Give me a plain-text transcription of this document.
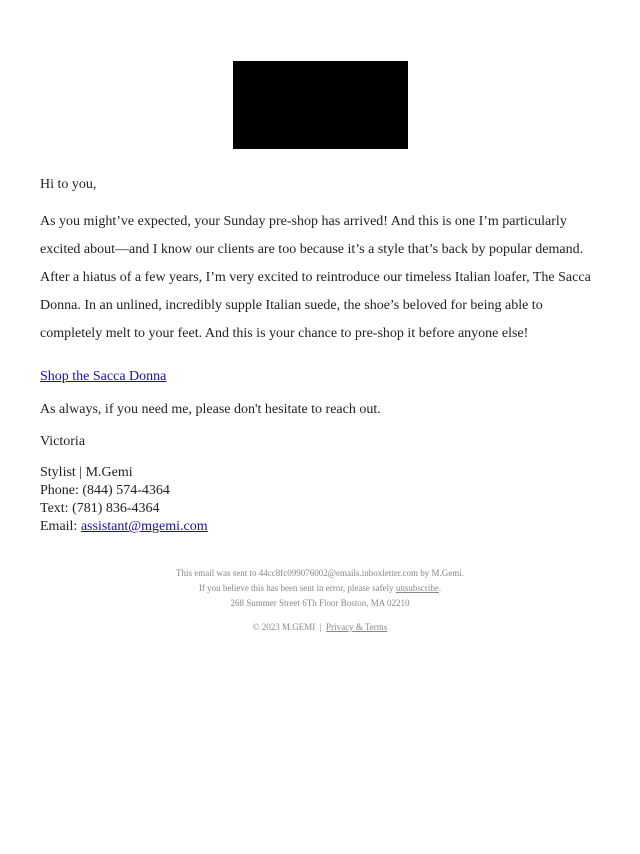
Hi to you,

As you might’ve expected, your Sunday pre-shop has arrived! And this is one I’m particularly excited about—and I know our clients are too because it’s a style that’s back by popular demand. After a hiatus of a few years, I’m very excited to reintroduce our timeless Italian loafer, The Sacca Donna. In an unlined, incredibly supple Italian suede, the shoe’s beloved for being able to completely melt to your feet. And this is your chance to pre-shop it before anyone else!

Shop the Sacca Donna

As always, if you need me, please don't hesitate to reach out.

Victoria

Stylist | M.Gemi
Phone: (844) 574-4364
Text: (781) 836-4364
Email: assistant@mgemi.com
This email was sent to 44cc8fc099076002@emails.inboxletter.com by M.Gemi.
If you believe this has been sent in error, please safely unsubscribe.
268 Summer Street 6Th Floor Boston, MA 02210
© 2023 M.GEMI | Privacy & Terms
